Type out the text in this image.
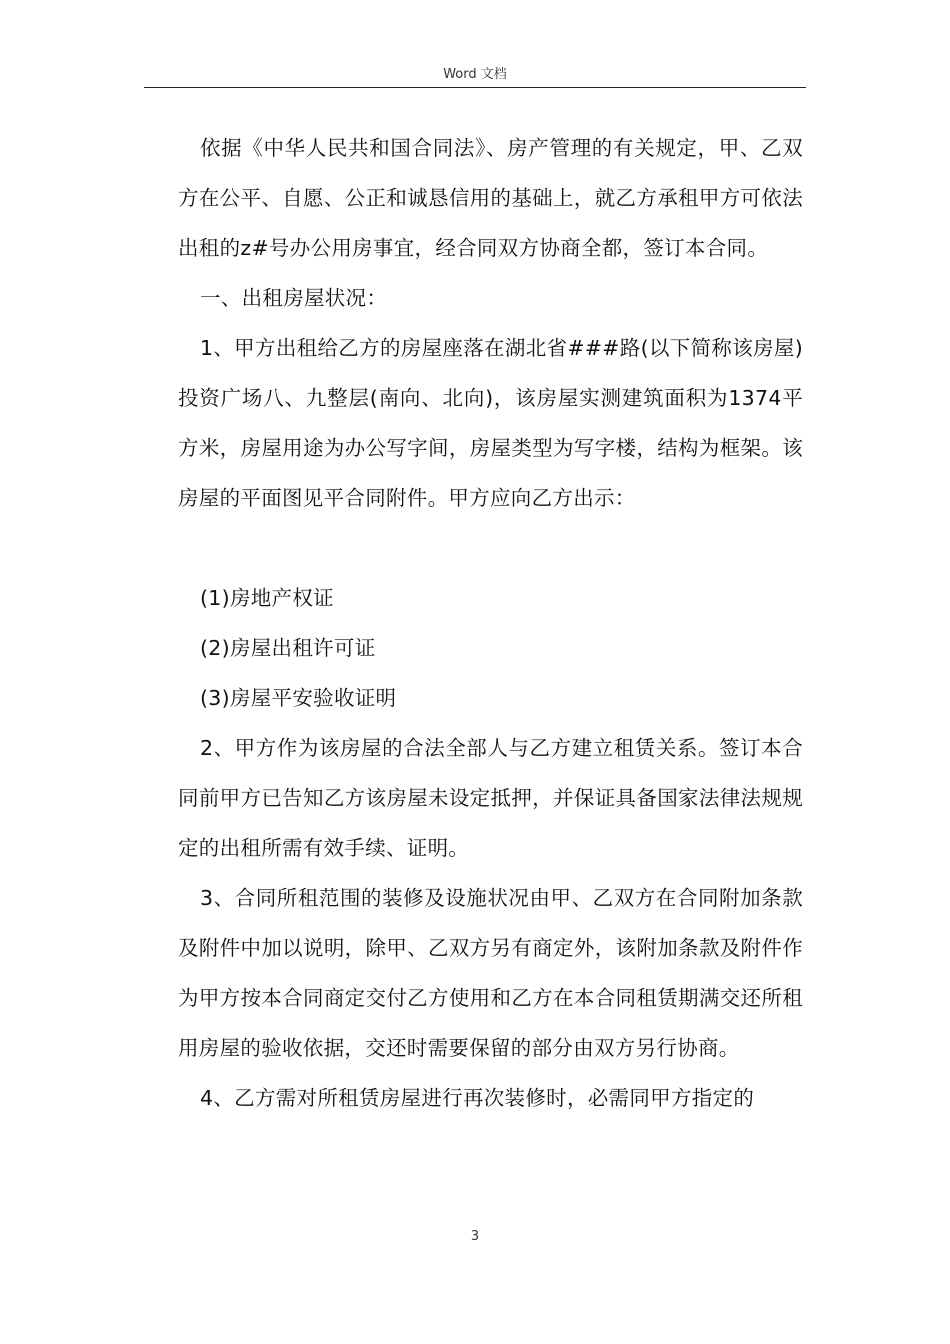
Word 文档

依据《中华人民共和国合同法》、房产管理的有关规定，甲、乙双方在公平、自愿、公正和诚恳信用的基础上，就乙方承租甲方可依法出租的z#号办公用房事宜，经合同双方协商全都，签订本合同。

一、出租房屋状况：

1、甲方出租给乙方的房屋座落在湖北省###路(以下简称该房屋)投资广场八、九整层(南向、北向)，该房屋实测建筑面积为1374平方米，房屋用途为办公写字间，房屋类型为写字楼，结构为框架。该房屋的平面图见平合同附件。甲方应向乙方出示：

(1)房地产权证

(2)房屋出租许可证

(3)房屋平安验收证明

2、甲方作为该房屋的合法全部人与乙方建立租赁关系。签订本合同前甲方已告知乙方该房屋未设定抵押，并保证具备国家法律法规规定的出租所需有效手续、证明。

3、合同所租范围的装修及设施状况由甲、乙双方在合同附加条款及附件中加以说明，除甲、乙双方另有商定外，该附加条款及附件作为甲方按本合同商定交付乙方使用和乙方在本合同租赁期满交还所租用房屋的验收依据，交还时需要保留的部分由双方另行协商。

4、乙方需对所租赁房屋进行再次装修时，必需同甲方指定的

3
